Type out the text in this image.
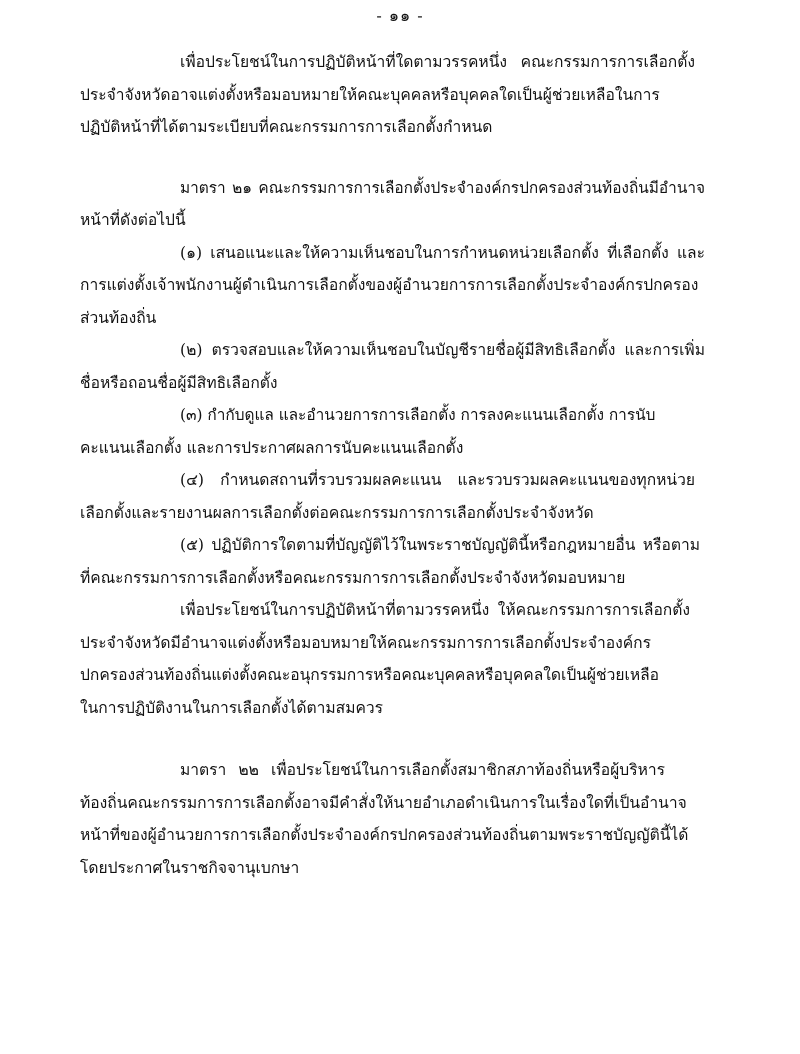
- ๑๑ -

เพื่อประโยชน์ในการปฏิบัติหน้าที่ใดตามวรรคหนึ่ง คณะกรรมการการเลือกตั้ง

ประจำจังหวัดอาจแต่งตั้งหรือมอบหมายให้คณะบุคคลหรือบุคคลใดเป็นผู้ช่วยเหลือในการ

ปฏิบัติหน้าที่ได้ตามระเบียบที่คณะกรรมการการเลือกตั้งกำหนด

มาตรา ๒๑ คณะกรรมการการเลือกตั้งประจำองค์กรปกครองส่วนท้องถิ่นมีอำนาจ

หน้าที่ดังต่อไปนี้

(๑) เสนอแนะและให้ความเห็นชอบในการกำหนดหน่วยเลือกตั้ง ที่เลือกตั้ง และ

การแต่งตั้งเจ้าพนักงานผู้ดำเนินการเลือกตั้งของผู้อำนวยการการเลือกตั้งประจำองค์กรปกครอง

ส่วนท้องถิ่น

(๒) ตรวจสอบและให้ความเห็นชอบในบัญชีรายชื่อผู้มีสิทธิเลือกตั้ง และการเพิ่ม

ชื่อหรือถอนชื่อผู้มีสิทธิเลือกตั้ง

(๓) กำกับดูแล และอำนวยการการเลือกตั้ง การลงคะแนนเลือกตั้ง การนับ

คะแนนเลือกตั้ง และการประกาศผลการนับคะแนนเลือกตั้ง

(๔) กำหนดสถานที่รวบรวมผลคะแนน และรวบรวมผลคะแนนของทุกหน่วย

เลือกตั้งและรายงานผลการเลือกตั้งต่อคณะกรรมการการเลือกตั้งประจำจังหวัด

(๕) ปฏิบัติการใดตามที่บัญญัติไว้ในพระราชบัญญัตินี้หรือกฎหมายอื่น หรือตาม

ที่คณะกรรมการการเลือกตั้งหรือคณะกรรมการการเลือกตั้งประจำจังหวัดมอบหมาย

เพื่อประโยชน์ในการปฏิบัติหน้าที่ตามวรรคหนึ่ง ให้คณะกรรมการการเลือกตั้ง

ประจำจังหวัดมีอำนาจแต่งตั้งหรือมอบหมายให้คณะกรรมการการเลือกตั้งประจำองค์กร

ปกครองส่วนท้องถิ่นแต่งตั้งคณะอนุกรรมการหรือคณะบุคคลหรือบุคคลใดเป็นผู้ช่วยเหลือ

ในการปฏิบัติงานในการเลือกตั้งได้ตามสมควร

มาตรา ๒๒ เพื่อประโยชน์ในการเลือกตั้งสมาชิกสภาท้องถิ่นหรือผู้บริหาร

ท้องถิ่นคณะกรรมการการเลือกตั้งอาจมีคำสั่งให้นายอำเภอดำเนินการในเรื่องใดที่เป็นอำนาจ

หน้าที่ของผู้อำนวยการการเลือกตั้งประจำองค์กรปกครองส่วนท้องถิ่นตามพระราชบัญญัตินี้ได้

โดยประกาศในราชกิจจานุเบกษา
